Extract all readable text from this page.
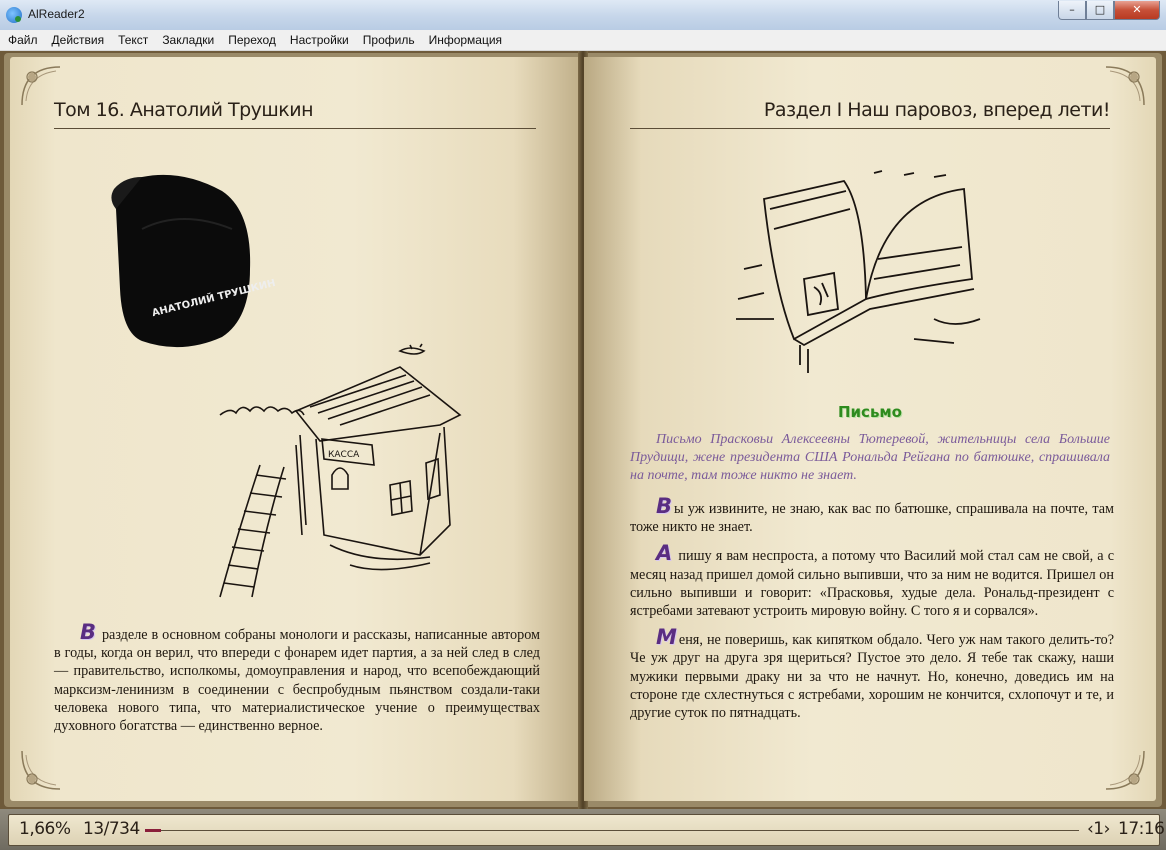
AlReader2	–	□	✕
Файл	Действия	Текст	Закладки	Переход	Настройки	Профиль	Информация
Том 16. Анатолий Трушкин
АНАТОЛИЙ ТРУШКИН
КАССА

В разделе в основном собраны монологи и рассказы, написанные автором в годы, когда он верил, что впереди с фонарем идет партия, а за ней след в след — правительство, исполкомы, домоуправления и народ, что всепобеждающий марксизм-ленинизм в соединении с беспробудным пьянством создали-таки человека нового типа, что материалистическое учение о преимуществах духовного богатства — единственно верное.

Раздел I Наш паровоз, вперед лети!
Письмо
Письмо Прасковьи Алексеевны Тютеревой, жительницы села Большие Прудищи, жене президента США Рональда Рейгана по батюшке, спрашивала на почте, там тоже никто не знает.

В ы уж извините, не знаю, как вас по батюшке, спрашивала на почте, там тоже никто не знает.

А пишу я вам неспроста, а потому что Василий мой стал сам не свой, а с месяц назад пришел домой сильно выпивши, что за ним не водится. Пришел он сильно выпивши и говорит: «Прасковья, худые дела. Рональд-президент с ястребами затевают устроить мировую войну. С того я и сорвался».

М еня, не поверишь, как кипятком обдало. Чего уж нам такого делить-то? Че уж друг на друга зря щериться? Пустое это дело. Я тебе так скажу, наши мужики первыми драку ни за что не начнут. Но, конечно, доведись им на стороне где схлестнуться с ястребами, хорошим не кончится, схлопочут и те, и другие суток по пятнадцать.

1,66% 13/734	‹1› 17:16
